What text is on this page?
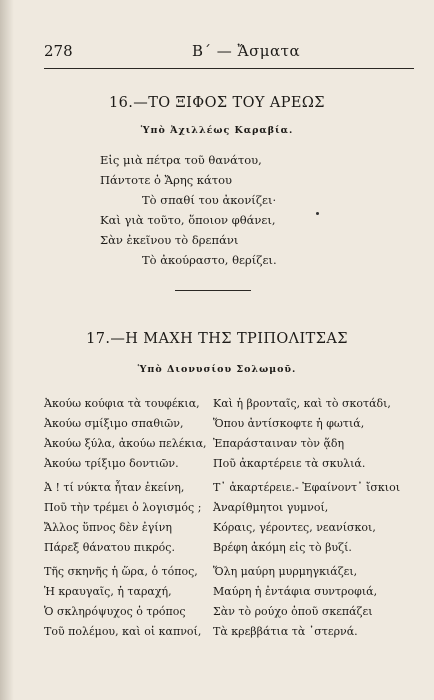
278	Β΄ — Ἄσματα
16.—ΤΟ ΞΙΦΟΣ ΤΟΥ ΑΡΕΩΣ
Ὑπὸ Ἀχιλλέως Καραβία.
Εἰς μιὰ πέτρα τοῦ θανάτου,
Πάντοτε ὁ Ἄρης κάτου
Τὸ σπαθί του ἀκονίζει·
Καὶ γιὰ τοῦτο, ὅποιον φθάνει,
Σὰν ἐκεῖνου τὸ δρεπάνι
Τὸ ἀκούραστο, θερίζει.
17.—Η ΜΑΧΗ ΤΗΣ ΤΡΙΠΟΛΙΤΣΑΣ
Ὑπὸ Διονυσίου Σολωμοῦ.
Ἀκούω κούφια τὰ τουφέκια,
Ἀκούω σμίξιμο σπαθιῶν,
Ἀκούω ξύλα, ἀκούω πελέκια,
Ἀκούω τρίξιμο δοντιῶν.
Ἀ ! τί νύκτα ἦταν ἐκείνη,
Ποῦ τὴν τρέμει ὁ λογισμός ;
Ἄλλος ὕπνος δὲν ἐγίνη
Πάρεξ θάνατου πικρός.
Τῆς σκηνῆς ἡ ὥρα, ὁ τόπος,
Ἡ κραυγαῖς, ἡ ταραχή,
Ὁ σκληρόψυχος ὁ τρόπος
Τοῦ πολέμου, καὶ οἱ καπνοί,
Καὶ ἡ βρονταῖς, καὶ τὸ σκοτάδι,
Ὅπου ἀντίσκοφτε ἡ φωτιά,
Ἐπαράσταιναν τὸν ᾅδη
Ποῦ ἀκαρτέρειε τὰ σκυλιά.
Τ᾽ ἀκαρτέρειε.- Ἐφαίνοντ᾽ ἴσκιοι
Ἀναρίθμητοι γυμνοί,
Κόραις, γέροντες, νεανίσκοι,
Βρέφη ἀκόμη εἰς τὸ βυζί.
Ὅλη μαύρη μυρμηγκιάζει,
Μαύρη ἡ ἐντάφια συντροφιά,
Σὰν τὸ ρούχο ὁποῦ σκεπάζει
Τὰ κρεββάτια τὰ ᾽στερνά.
